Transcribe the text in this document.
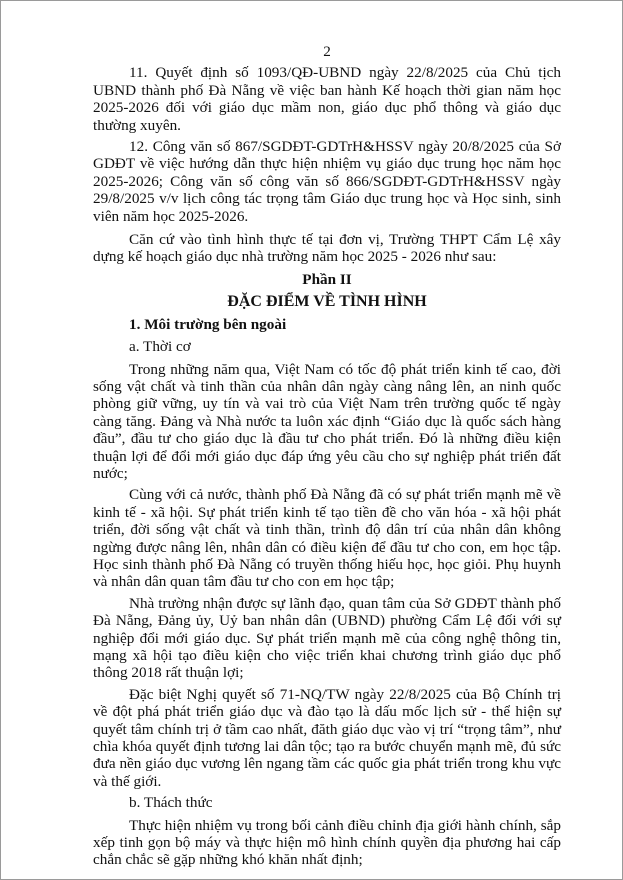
2

11. Quyết định số 1093/QĐ-UBND ngày 22/8/2025 của Chủ tịch UBND thành phố Đà Nẵng về việc ban hành Kế hoạch thời gian năm học 2025-2026 đối với giáo dục mầm non, giáo dục phổ thông và giáo dục thường xuyên.

12. Công văn số 867/SGDĐT-GDTrH&HSSV ngày 20/8/2025 của Sở GDĐT về việc hướng dẫn thực hiện nhiệm vụ giáo dục trung học năm học 2025-2026; Công văn số công văn số 866/SGDĐT-GDTrH&HSSV ngày 29/8/2025 v/v lịch công tác trọng tâm Giáo dục trung học và Học sinh, sinh viên năm học 2025-2026.

Căn cứ vào tình hình thực tế tại đơn vị, Trường THPT Cẩm Lệ xây dựng kế hoạch giáo dục nhà trường năm học 2025 - 2026 như sau:

Phần II
ĐẶC ĐIỂM VỀ TÌNH HÌNH

1. Môi trường bên ngoài

a. Thời cơ

Trong những năm qua, Việt Nam có tốc độ phát triển kinh tế cao, đời sống vật chất và tinh thần của nhân dân ngày càng nâng lên, an ninh quốc phòng giữ vững, uy tín và vai trò của Việt Nam trên trường quốc tế ngày càng tăng. Đảng và Nhà nước ta luôn xác định “Giáo dục là quốc sách hàng đầu”, đầu tư cho giáo dục là đầu tư cho phát triển. Đó là những điều kiện thuận lợi để đổi mới giáo dục đáp ứng yêu cầu cho sự nghiệp phát triển đất nước;

Cùng với cả nước, thành phố Đà Nẵng đã có sự phát triển mạnh mẽ về kinh tế - xã hội. Sự phát triển kinh tế tạo tiền đề cho văn hóa - xã hội phát triển, đời sống vật chất và tinh thần, trình độ dân trí của nhân dân không ngừng được nâng lên, nhân dân có điều kiện để đầu tư cho con, em học tập. Học sinh thành phố Đà Nẵng có truyền thống hiếu học, học giỏi. Phụ huynh và nhân dân quan tâm đầu tư cho con em học tập;

Nhà trường nhận được sự lãnh đạo, quan tâm của Sở GDĐT thành phố Đà Nẵng, Đảng ủy, Uỷ ban nhân dân (UBND) phường Cẩm Lệ đối với sự nghiệp đổi mới giáo dục. Sự phát triển mạnh mẽ của công nghệ thông tin, mạng xã hội tạo điều kiện cho việc triển khai chương trình giáo dục phổ thông 2018 rất thuận lợi;

Đặc biệt Nghị quyết số 71-NQ/TW ngày 22/8/2025 của Bộ Chính trị về đột phá phát triển giáo dục và đào tạo là dấu mốc lịch sử - thể hiện sự quyết tâm chính trị ở tầm cao nhất, đăth giáo dục vào vị trí “trọng tâm”, như chìa khóa quyết định tương lai dân tộc; tạo ra bước chuyển mạnh mẽ, đủ sức đưa nền giáo dục vương lên ngang tầm các quốc gia phát triển trong khu vực và thế giới.

b. Thách thức

Thực hiện nhiệm vụ trong bối cảnh điều chỉnh địa giới hành chính, sắp xếp tinh gọn bộ máy và thực hiện mô hình chính quyền địa phương hai cấp chắn chắc sẽ gặp những khó khăn nhất định;
